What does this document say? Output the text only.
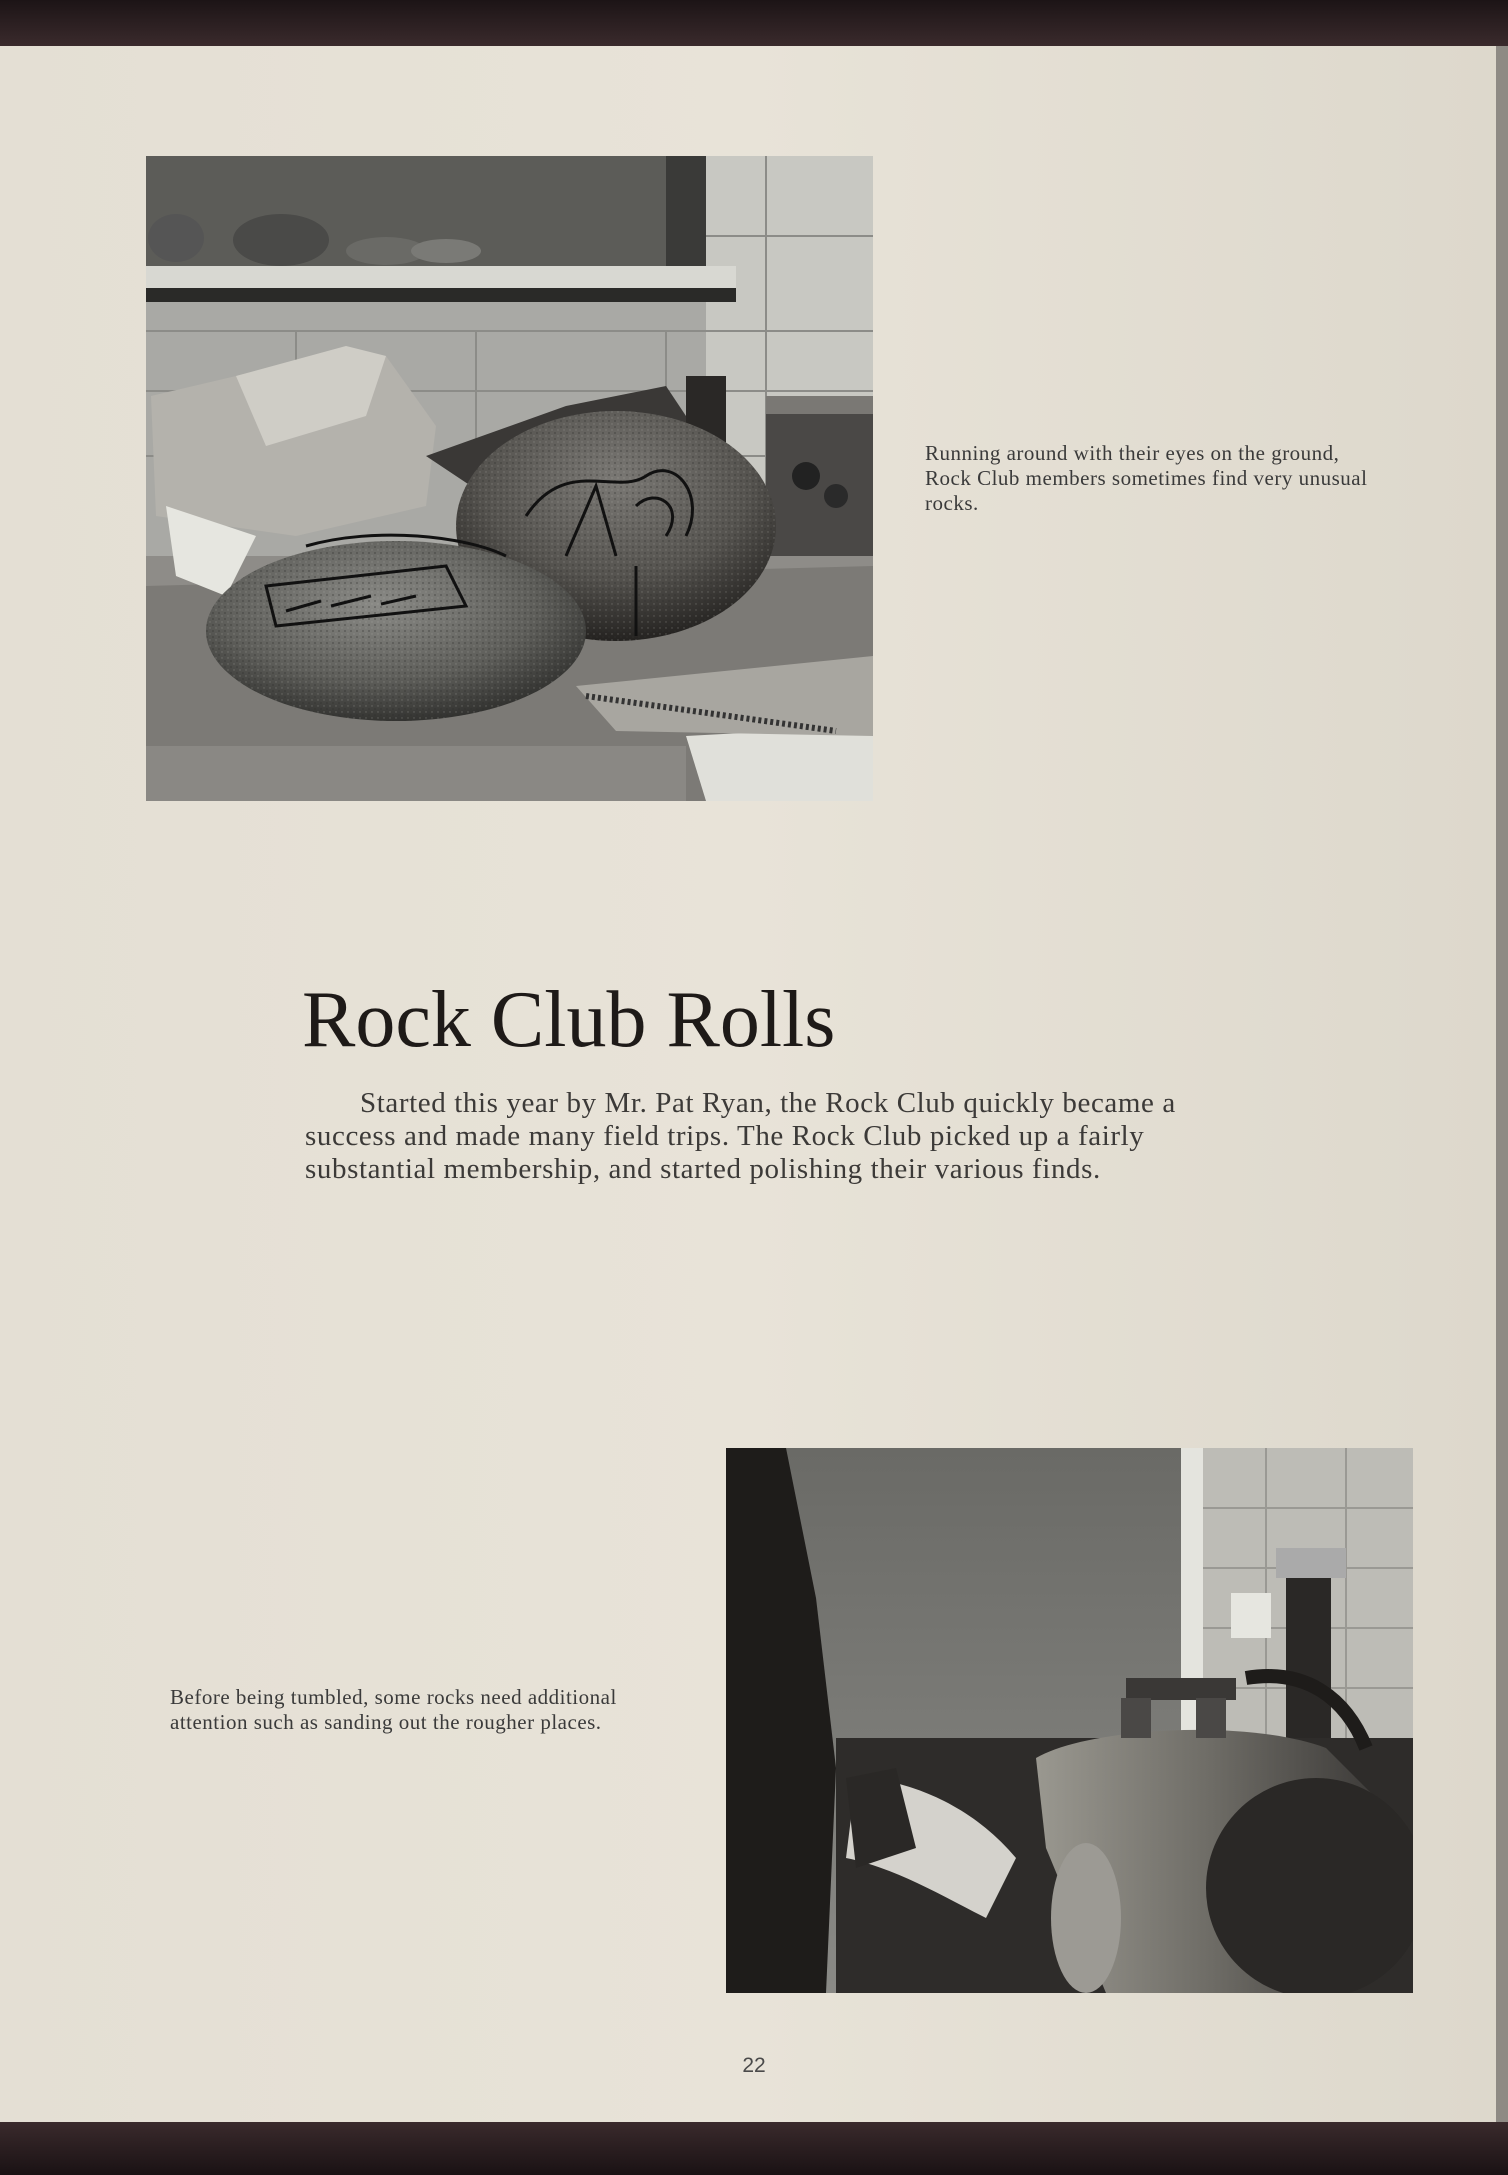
Running around with their eyes on the ground, Rock Club members sometimes find very unusual rocks.
Rock Club Rolls
Started this year by Mr. Pat Ryan, the Rock Club quickly became a success and made many field trips. The Rock Club picked up a fairly substantial membership, and started polishing their various finds.
Before being tumbled, some rocks need additional attention such as sanding out the rougher places.
22
